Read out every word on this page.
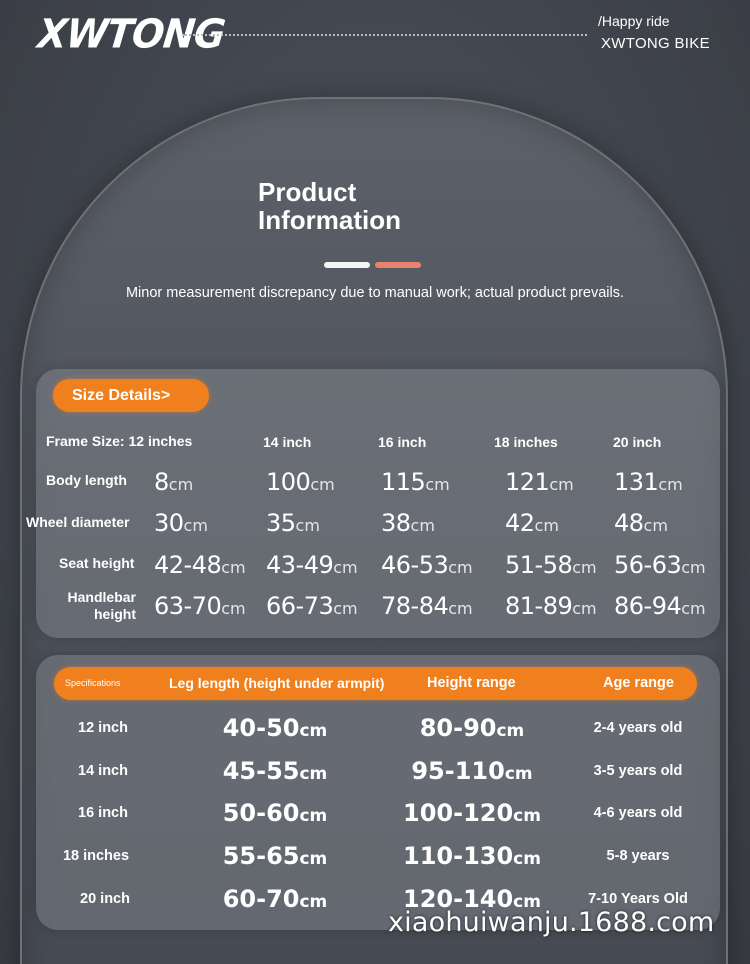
XWTONG	/Happy ride
XWTONG BIKE
Product
Information
Minor measurement discrepancy due to manual work; actual product prevails.
Size Details>
Frame Size: 12 inches	14 inch	16 inch	18 inches	20 inch
Body length 8cm	100cm 115cm 121cm 131cm
Wheel diameter 30cm 35cm	38cm	42cm 48cm
Seat height 42-48cm 43-49cm 46-53cm 51-58cm 56-63cm
Handlebar
height 63-70cm 66-73cm 78-84cm 81-89cm 86-94cm
Specifications	Leg length (height under armpit)	Height range	Age range
12 inch	40-50cm	80-90cm	2-4 years old
14 inch	45-55cm	95-110cm	3-5 years old
16 inch	50-60cm	100-120cm	4-6 years old
18 inches	55-65cm	110-130cm	5-8 years
20 inch	60-70cm	120-140cm	7-10 Years Old
xiaohuiwanju.1688.com
